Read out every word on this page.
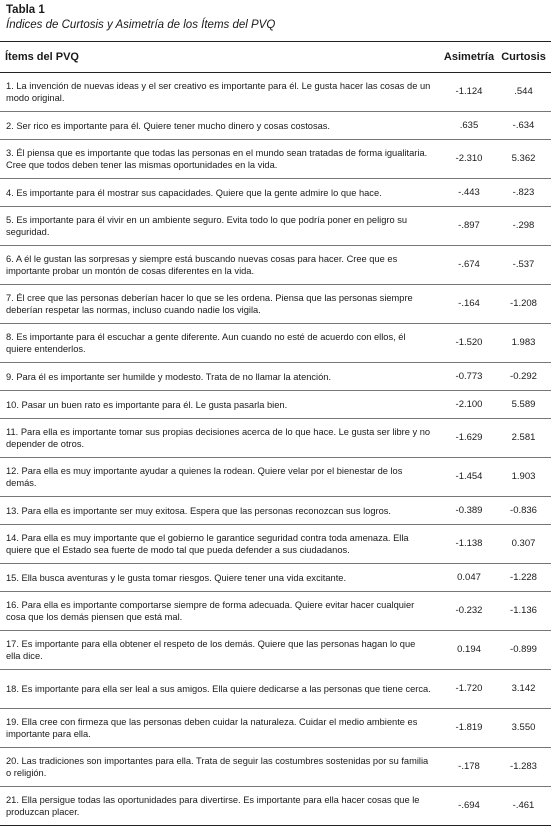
Tabla 1
Índices de Curtosis y Asimetría de los Ítems del PVQ
Ítems del PVQ	Asimetría	Curtosis
1. La invención de nuevas ideas y el ser creativo es importante para él. Le gusta hacer las cosas de un modo original.	-1.124	.544
2. Ser rico es importante para él. Quiere tener mucho dinero y cosas costosas.	.635	-.634
3. Él piensa que es importante que todas las personas en el mundo sean tratadas de forma igualitaria. Cree que todos deben tener las mismas oportunidades en la vida.	-2.310	5.362
4. Es importante para él mostrar sus capacidades. Quiere que la gente admire lo que hace.	-.443	-.823
5. Es importante para él vivir en un ambiente seguro. Evita todo lo que podría poner en peligro su seguridad.	-.897	-.298
6. A él le gustan las sorpresas y siempre está buscando nuevas cosas para hacer. Cree que es importante probar un montón de cosas diferentes en la vida.	-.674	-.537
7. Él cree que las personas deberían hacer lo que se les ordena. Piensa que las personas siempre deberían respetar las normas, incluso cuando nadie los vigila.	-.164	-1.208
8. Es importante para él escuchar a gente diferente. Aun cuando no esté de acuerdo con ellos, él quiere entenderlos.	-1.520	1.983
9. Para él es importante ser humilde y modesto. Trata de no llamar la atención.	-0.773	-0.292
10. Pasar un buen rato es importante para él. Le gusta pasarla bien.	-2.100	5.589
11. Para ella es importante tomar sus propias decisiones acerca de lo que hace. Le gusta ser libre y no depender de otros.	-1.629	2.581
12. Para ella es muy importante ayudar a quienes la rodean. Quiere velar por el bienestar de los demás.	-1.454	1.903
13. Para ella es importante ser muy exitosa. Espera que las personas reconozcan sus logros.	-0.389	-0.836
14. Para ella es muy importante que el gobierno le garantice seguridad contra toda amenaza. Ella quiere que el Estado sea fuerte de modo tal que pueda defender a sus ciudadanos.	-1.138	0.307
15. Ella busca aventuras y le gusta tomar riesgos. Quiere tener una vida excitante.	0.047	-1.228
16. Para ella es importante comportarse siempre de forma adecuada. Quiere evitar hacer cualquier cosa que los demás piensen que está mal.	-0.232	-1.136
17. Es importante para ella obtener el respeto de los demás. Quiere que las personas hagan lo que ella dice.	0.194	-0.899
18. Es importante para ella ser leal a sus amigos. Ella quiere dedicarse a las personas que tiene cerca.	-1.720	3.142
19. Ella cree con firmeza que las personas deben cuidar la naturaleza. Cuidar el medio ambiente es importante para ella.	-1.819	3.550
20. Las tradiciones son importantes para ella. Trata de seguir las costumbres sostenidas por su familia o religión.	-.178	-1.283
21. Ella persigue todas las oportunidades para divertirse. Es importante para ella hacer cosas que le produzcan placer.	-.694	-.461
